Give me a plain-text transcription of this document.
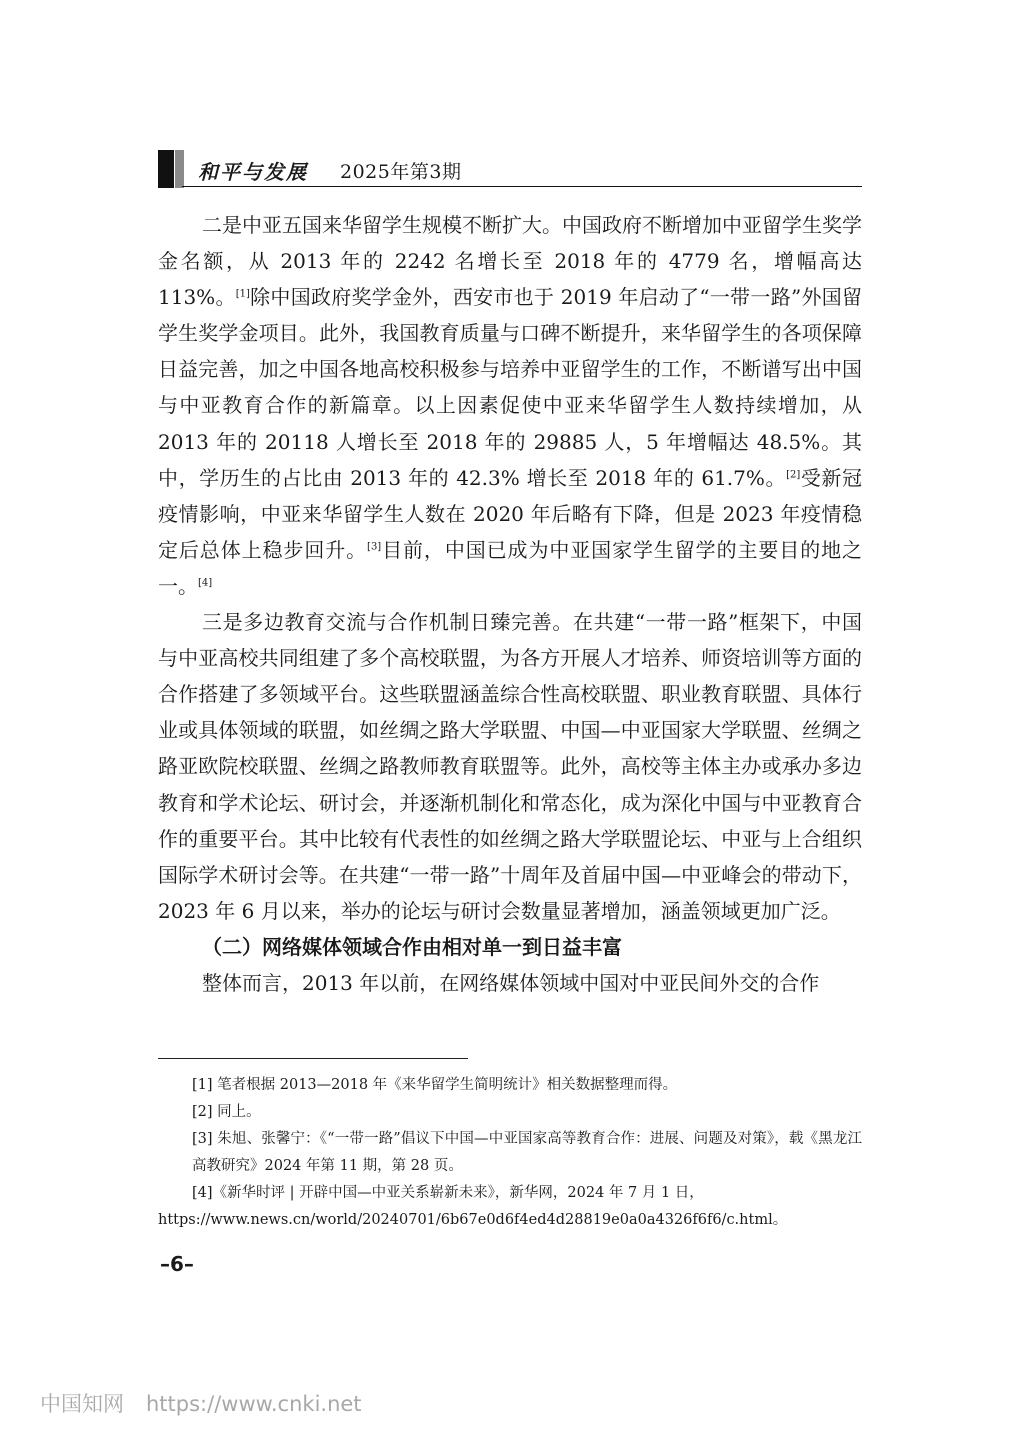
和平与发展 2025年第3期

二是中亚五国来华留学生规模不断扩大。中国政府不断增加中亚留学生奖学金名额，从 2013 年的 2242 名增长至 2018 年的 4779 名，增幅高达 113%。[1]除中国政府奖学金外，西安市也于 2019 年启动了“一带一路”外国留学生奖学金项目。此外，我国教育质量与口碑不断提升，来华留学生的各项保障日益完善，加之中国各地高校积极参与培养中亚留学生的工作，不断谱写出中国与中亚教育合作的新篇章。以上因素促使中亚来华留学生人数持续增加，从 2013 年的 20118 人增长至 2018 年的 29885 人，5 年增幅达 48.5%。其中，学历生的占比由 2013 年的 42.3% 增长至 2018 年的 61.7%。[2]受新冠疫情影响，中亚来华留学生人数在 2020 年后略有下降，但是 2023 年疫情稳定后总体上稳步回升。[3]目前，中国已成为中亚国家学生留学的主要目的地之一。[4]

三是多边教育交流与合作机制日臻完善。在共建“一带一路”框架下，中国与中亚高校共同组建了多个高校联盟，为各方开展人才培养、师资培训等方面的合作搭建了多领域平台。这些联盟涵盖综合性高校联盟、职业教育联盟、具体行业或具体领域的联盟，如丝绸之路大学联盟、中国—中亚国家大学联盟、丝绸之路亚欧院校联盟、丝绸之路教师教育联盟等。此外，高校等主体主办或承办多边教育和学术论坛、研讨会，并逐渐机制化和常态化，成为深化中国与中亚教育合作的重要平台。其中比较有代表性的如丝绸之路大学联盟论坛、中亚与上合组织国际学术研讨会等。在共建“一带一路”十周年及首届中国—中亚峰会的带动下，2023 年 6 月以来，举办的论坛与研讨会数量显著增加，涵盖领域更加广泛。

（二）网络媒体领域合作由相对单一到日益丰富

整体而言，2013 年以前，在网络媒体领域中国对中亚民间外交的合作

[1] 笔者根据 2013—2018 年《来华留学生简明统计》相关数据整理而得。

[2] 同上。

[3] 朱旭、张馨宁：《“一带一路”倡议下中国—中亚国家高等教育合作：进展、问题及对策》，载《黑龙江高教研究》2024 年第 11 期，第 28 页。

[4]《新华时评 | 开辟中国—中亚关系崭新未来》，新华网，2024 年 7 月 1 日，

https://www.news.cn/world/20240701/6b67e0d6f4ed4d28819e0a0a4326f6f6/c.html。

–6–
中国知网 https://www.cnki.net
